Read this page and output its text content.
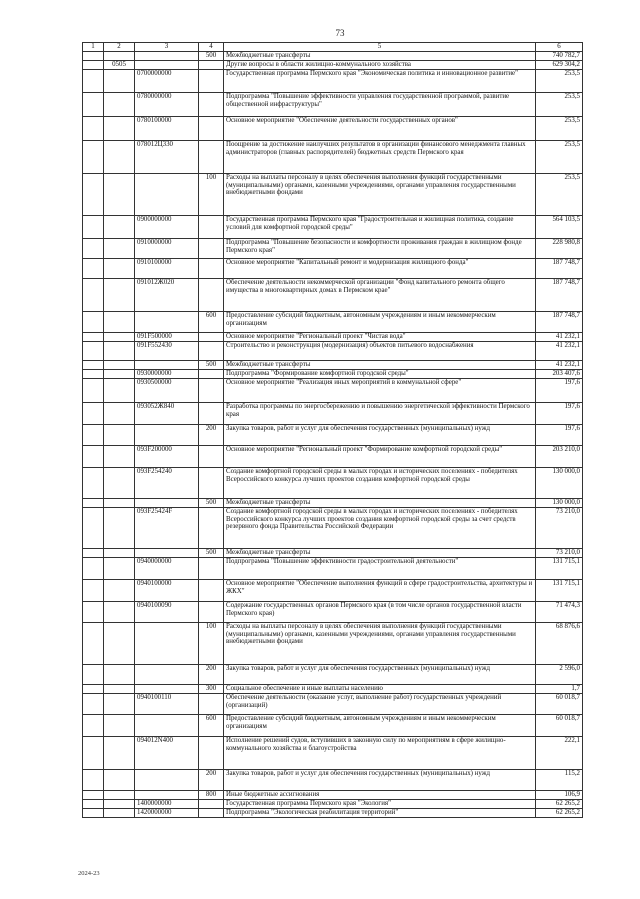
73
1	2	3	4	5	6
			500	Межбюджетные трансферты	740 782,7
	0505			Другие вопросы в области жилищно-коммунального хозяйства	629 304,2
		0700000000		Государственная программа Пермского края "Экономическая политика и инновационное развитие"	253,5
		0780000000		Подпрограмма "Повышение эффективности управления государственной программой, развитие общественной инфраструктуры"	253,5
		0780100000		Основное мероприятие "Обеспечение деятельности государственных органов"	253,5
		078012Ц330		Поощрение за достижение наилучших результатов в организации финансового менеджмента главных администраторов (главных распорядителей) бюджетных средств Пермского края	253,5
			100	Расходы на выплаты персоналу в целях обеспечения выполнения функций государственными (муниципальными) органами, казенными учреждениями, органами управления государственными внебюджетными фондами	253,5
		0900000000		Государственная программа Пермского края "Градостроительная и жилищная политика, создание условий для комфортной городской среды"	564 103,5
		0910000000		Подпрограмма "Повышение безопасности и комфортности проживания граждан в жилищном фонде Пермского края"	228 980,8
		0910100000		Основное мероприятие "Капитальный ремонт и модернизация жилищного фонда"	187 748,7
		091012Ж020		Обеспечение деятельности некоммерческой организации "Фонд капитального ремонта общего имущества в многоквартирных домах в Пермском крае"	187 748,7
			600	Предоставление субсидий бюджетным, автономным учреждениям и иным некоммерческим организациям	187 748,7
		091F500000		Основное мероприятие "Региональный проект "Чистая вода"	41 232,1
		091F552430		Строительство и реконструкция (модернизация) объектов питьевого водоснабжения	41 232,1
			500	Межбюджетные трансферты	41 232,1
		0930000000		Подпрограмма "Формирование комфортной городской среды"	203 407,6
		0930500000		Основное мероприятие "Реализация иных мероприятий в коммунальной сфере"	197,6
		093052Ж840		Разработка программы по энергосбережению и повышению энергетической эффективности Пермского края	197,6
			200	Закупка товаров, работ и услуг для обеспечения государственных (муниципальных) нужд	197,6
		093F200000		Основное мероприятие "Региональный проект "Формирование комфортной городской среды"	203 210,0
		093F254240		Создание комфортной городской среды в малых городах и исторических поселениях - победителях Всероссийского конкурса лучших проектов создания комфортной городской среды	130 000,0
			500	Межбюджетные трансферты	130 000,0
		093F25424F		Создание комфортной городской среды в малых городах и исторических поселениях - победителях Всероссийского конкурса лучших проектов создания комфортной городской среды за счет средств резервного фонда Правительства Российской Федерации	73 210,0
			500	Межбюджетные трансферты	73 210,0
		0940000000		Подпрограмма "Повышение эффективности градостроительной деятельности"	131 715,1
		0940100000		Основное мероприятие "Обеспечение выполнения функций в сфере градостроительства, архитектуры и ЖКХ"	131 715,1
		0940100090		Содержание государственных органов Пермского края (в том числе органов государственной власти Пермского края)	71 474,3
			100	Расходы на выплаты персоналу в целях обеспечения выполнения функций государственными (муниципальными) органами, казенными учреждениями, органами управления государственными внебюджетными фондами	68 876,6
			200	Закупка товаров, работ и услуг для обеспечения государственных (муниципальных) нужд	2 596,0
			300	Социальное обеспечение и иные выплаты населению	1,7
		0940100110		Обеспечение деятельности (оказание услуг, выполнение работ) государственных учреждений (организаций)	60 018,7
			600	Предоставление субсидий бюджетным, автономным учреждениям и иным некоммерческим организациям	60 018,7
		094012N400		Исполнение решений судов, вступивших в законную силу по мероприятиям в сфере жилищно-коммунального хозяйства и благоустройства	222,1
			200	Закупка товаров, работ и услуг для обеспечения государственных (муниципальных) нужд	115,2
			800	Иные бюджетные ассигнования	106,9
		1400000000		Государственная программа Пермского края "Экология"	62 265,2
		1420000000		Подпрограмма "Экологическая реабилитация территорий"	62 265,2
2024-23
